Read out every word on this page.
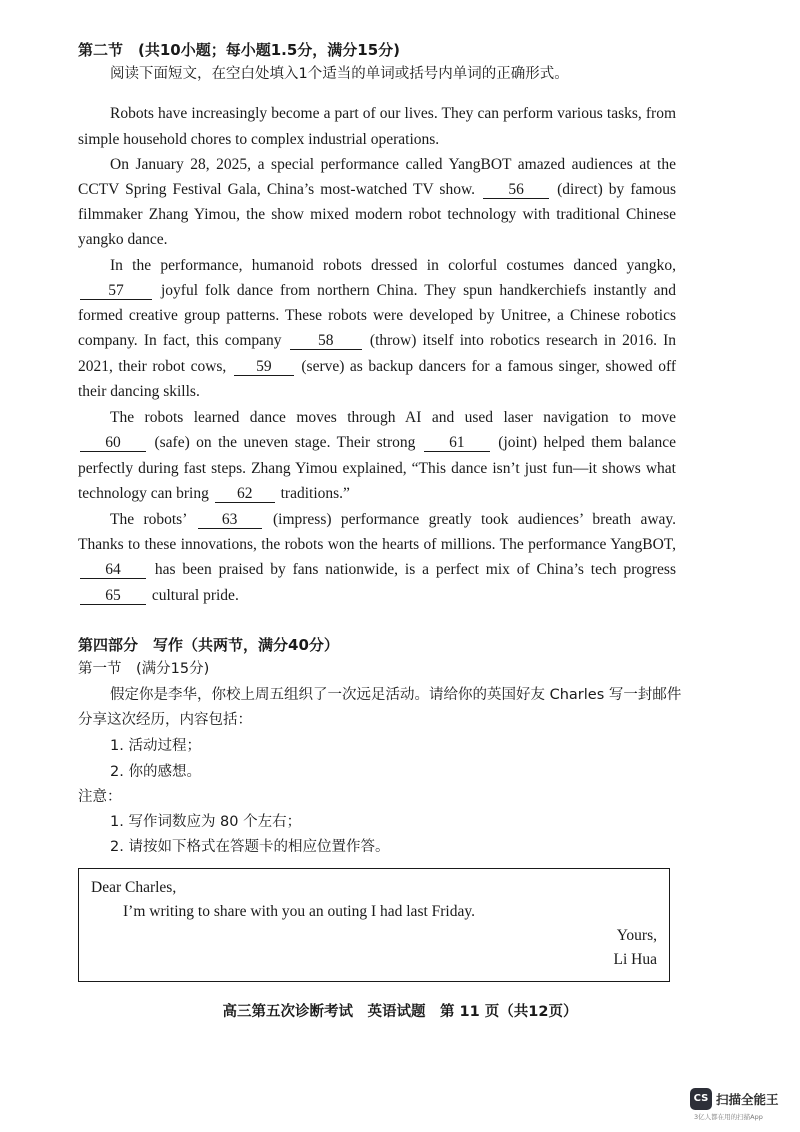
第二节　(共10小题；每小题1.5分，满分15分)
阅读下面短文，在空白处填入1个适当的单词或括号内单词的正确形式。
Robots have increasingly become a part of our lives. They can perform various tasks, from
simple household chores to complex industrial operations.
On January 28, 2025, a special performance called YangBOT amazed audiences at the
CCTV Spring Festival Gala, China’s most-watched TV show. 56 (direct) by famous
filmmaker Zhang Yimou, the show mixed modern robot technology with traditional Chinese
yangko dance.
In the performance, humanoid robots dressed in colorful costumes danced yangko,
57 joyful folk dance from northern China. They spun handkerchiefs instantly and
formed creative group patterns. These robots were developed by Unitree, a Chinese robotics
company. In fact, this company 58 (throw) itself into robotics research in 2016. In
2021, their robot cows, 59 (serve) as backup dancers for a famous singer, showed off
their dancing skills.
The robots learned dance moves through AI and used laser navigation to move
60 (safe) on the uneven stage. Their strong 61 (joint) helped them balance
perfectly during fast steps. Zhang Yimou explained, “This dance isn’t just fun—it shows what
technology can bring 62 traditions.”
The robots’ 63 (impress) performance greatly took audiences’ breath away.
Thanks to these innovations, the robots won the hearts of millions. The performance YangBOT,
64 has been praised by fans nationwide, is a perfect mix of China’s tech progress
65 cultural pride.
第四部分　写作（共两节，满分40分）
第一节　(满分15分)
假定你是李华，你校上周五组织了一次远足活动。请给你的英国好友 Charles 写一封邮件
分享这次经历，内容包括：
1. 活动过程；
2. 你的感想。
注意：
1. 写作词数应为 80 个左右；
2. 请按如下格式在答题卡的相应位置作答。
Dear Charles,
I’m writing to share with you an outing I had last Friday.
Yours,
Li Hua
高三第五次诊断考试　英语试题　第 11 页（共12页）
CS 扫描全能王
3亿人都在用的扫描App
